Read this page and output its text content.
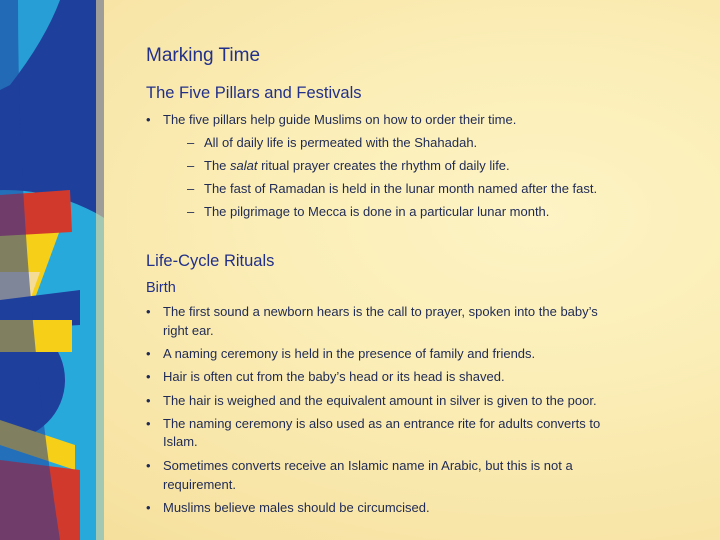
Marking Time
The Five Pillars and Festivals
• The five pillars help guide Muslims on how to order their time.
– All of daily life is permeated with the Shahadah.
– The salat ritual prayer creates the rhythm of daily life.
– The fast of Ramadan is held in the lunar month named after the fast.
– The pilgrimage to Mecca is done in a particular lunar month.
Life-Cycle Rituals
Birth
• The first sound a newborn hears is the call to prayer, spoken into the baby’s
right ear.
• A naming ceremony is held in the presence of family and friends.
• Hair is often cut from the baby’s head or its head is shaved.
• The hair is weighed and the equivalent amount in silver is given to the poor.
• The naming ceremony is also used as an entrance rite for adults converts to
Islam.
• Sometimes converts receive an Islamic name in Arabic, but this is not a
requirement.
• Muslims believe males should be circumcised.
